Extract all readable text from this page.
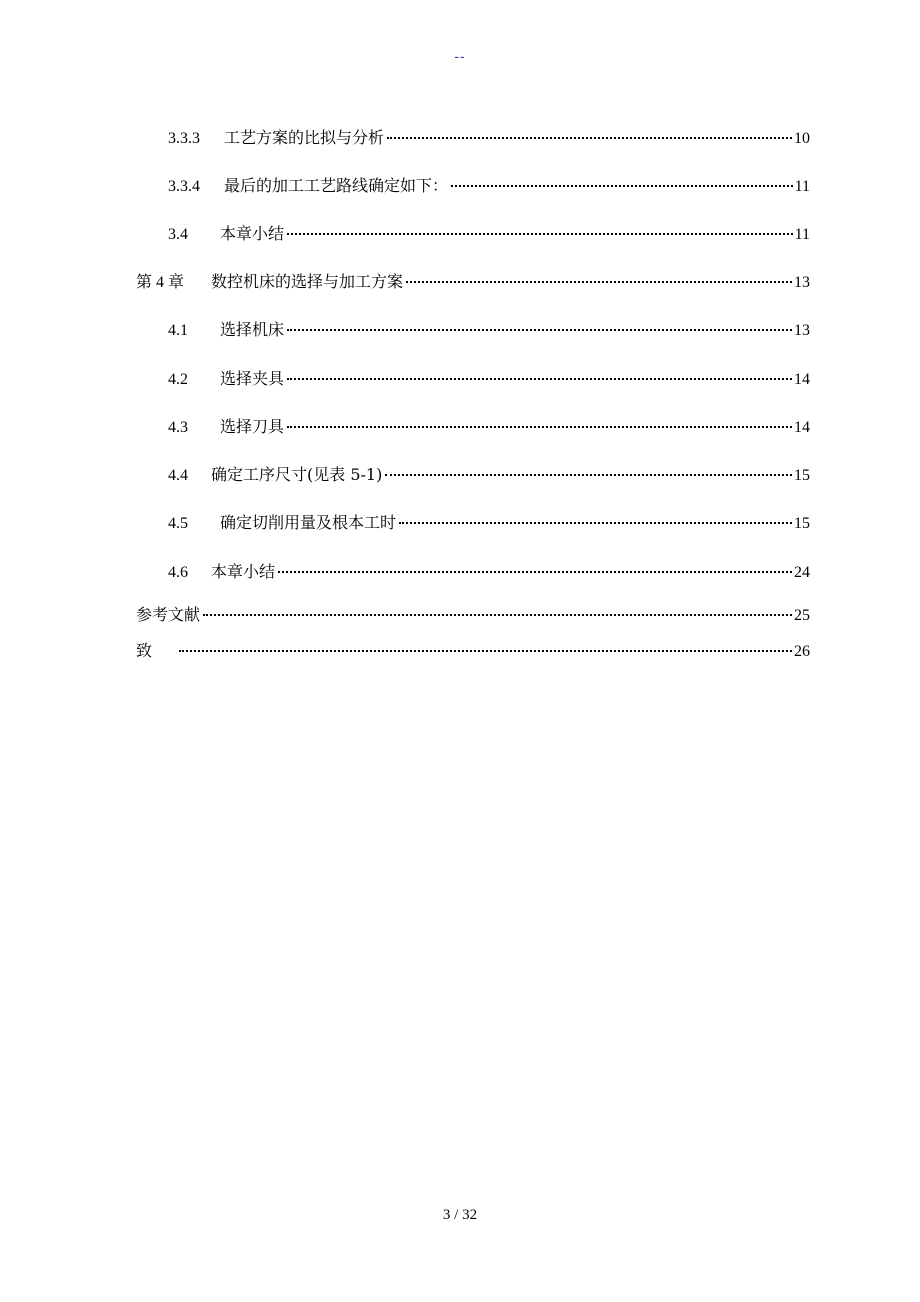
--
3.3.3	工艺方案的比拟与分析	10
3.3.4	最后的加工工艺路线确定如下：	11
3.4	本章小结	11
第 4 章	数控机床的选择与加工方案	13
4.1	选择机床	13
4.2	选择夹具	14
4.3	选择刀具	14
4.4	确定工序尺寸(见表 5-1)	15
4.5	确定切削用量及根本工时	15
4.6	本章小结	24
参考文献	25
致	26
3 / 32
